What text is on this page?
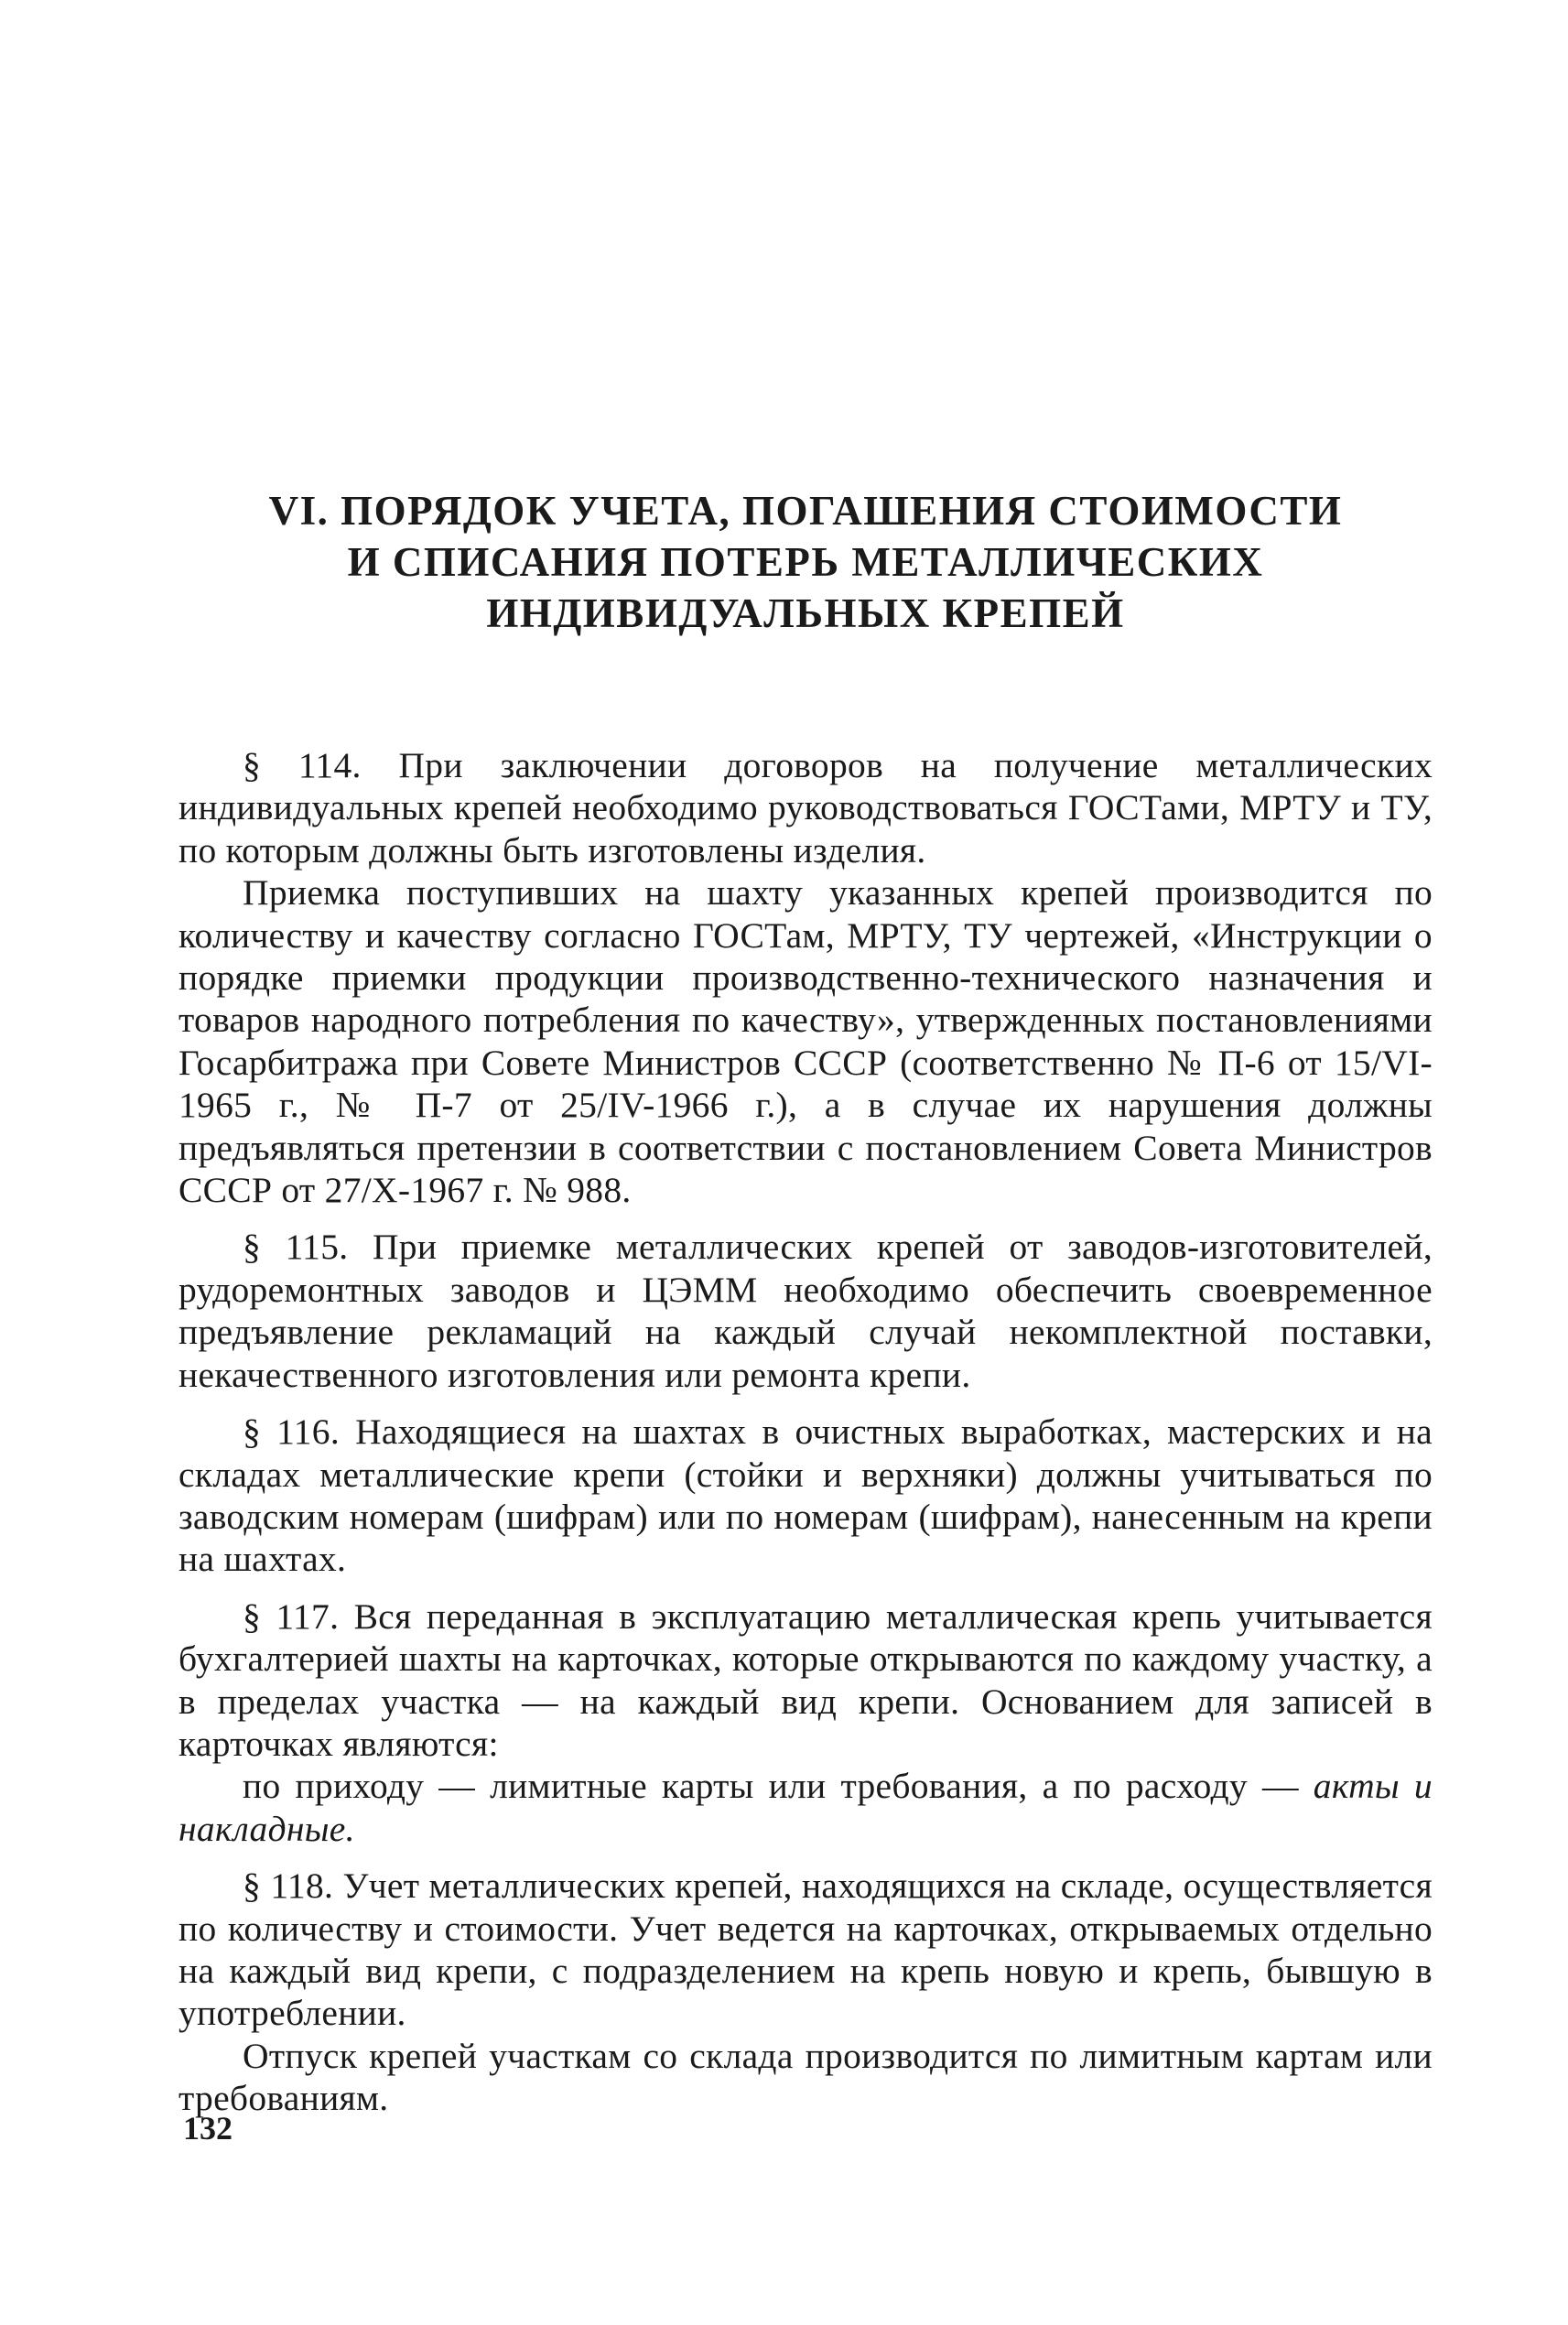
VI. ПОРЯДОК УЧЕТА, ПОГАШЕНИЯ СТОИМОСТИ
И СПИСАНИЯ ПОТЕРЬ МЕТАЛЛИЧЕСКИХ
ИНДИВИДУАЛЬНЫХ КРЕПЕЙ

§ 114. При заключении договоров на получение металлических индивидуальных крепей необходимо руководствоваться ГОСТами, МРТУ и ТУ, по которым должны быть изготовлены изделия.

Приемка поступивших на шахту указанных крепей производится по количеству и качеству согласно ГОСТам, МРТУ, ТУ чертежей, «Инструкции о порядке приемки продукции производственно-технического назначения и товаров народного потребления по качеству», утвержденных постановлениями Госарбитража при Совете Министров СССР (соответственно № П-6 от 15/VI-1965 г., № П-7 от 25/IV-1966 г.), а в случае их нарушения должны предъявляться претензии в соответствии с постановлением Совета Министров СССР от 27/X-1967 г. № 988.

§ 115. При приемке металлических крепей от заводов-изготовителей, рудоремонтных заводов и ЦЭММ необходимо обеспечить своевременное предъявление рекламаций на каждый случай некомплектной поставки, некачественного изготовления или ремонта крепи.

§ 116. Находящиеся на шахтах в очистных выработках, мастерских и на складах металлические крепи (стойки и верхняки) должны учитываться по заводским номерам (шифрам) или по номерам (шифрам), нанесенным на крепи на шахтах.

§ 117. Вся переданная в эксплуатацию металлическая крепь учитывается бухгалтерией шахты на карточках, которые открываются по каждому участку, а в пределах участка — на каждый вид крепи. Основанием для записей в карточках являются:

по приходу — лимитные карты или требования, а по расходу — акты и накладные.

§ 118. Учет металлических крепей, находящихся на складе, осуществляется по количеству и стоимости. Учет ведется на карточках, открываемых отдельно на каждый вид крепи, с подразделением на крепь новую и крепь, бывшую в употреблении.

Отпуск крепей участкам со склада производится по лимитным картам или требованиям.

132
